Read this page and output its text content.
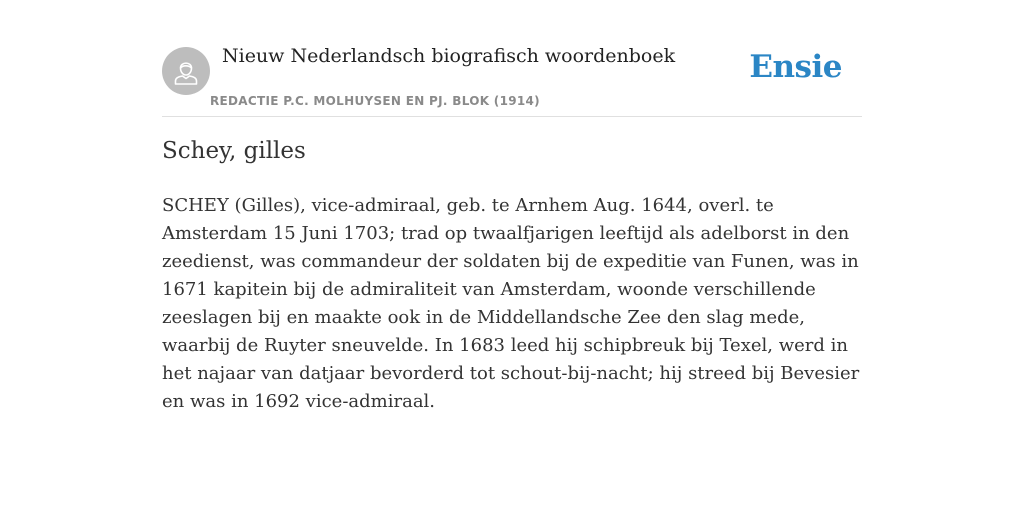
Nieuw Nederlandsch biografisch woordenboek
REDACTIE P.C. MOLHUYSEN EN PJ. BLOK (1914)
Ensie
Schey, gilles

SCHEY (Gilles), vice-admiraal, geb. te Arnhem Aug. 1644, overl. te Amsterdam 15 Juni 1703; trad op twaalfjarigen leeftijd als adelborst in den zeedienst, was commandeur der soldaten bij de expeditie van Funen, was in 1671 kapitein bij de admiraliteit van Amsterdam, woonde verschillende zeeslagen bij en maakte ook in de Middellandsche Zee den slag mede, waarbij de Ruyter sneuvelde. In 1683 leed hij schipbreuk bij Texel, werd in het najaar van datjaar bevorderd tot schout-bij-nacht; hij streed bij Bevesier en was in 1692 vice-admiraal.
